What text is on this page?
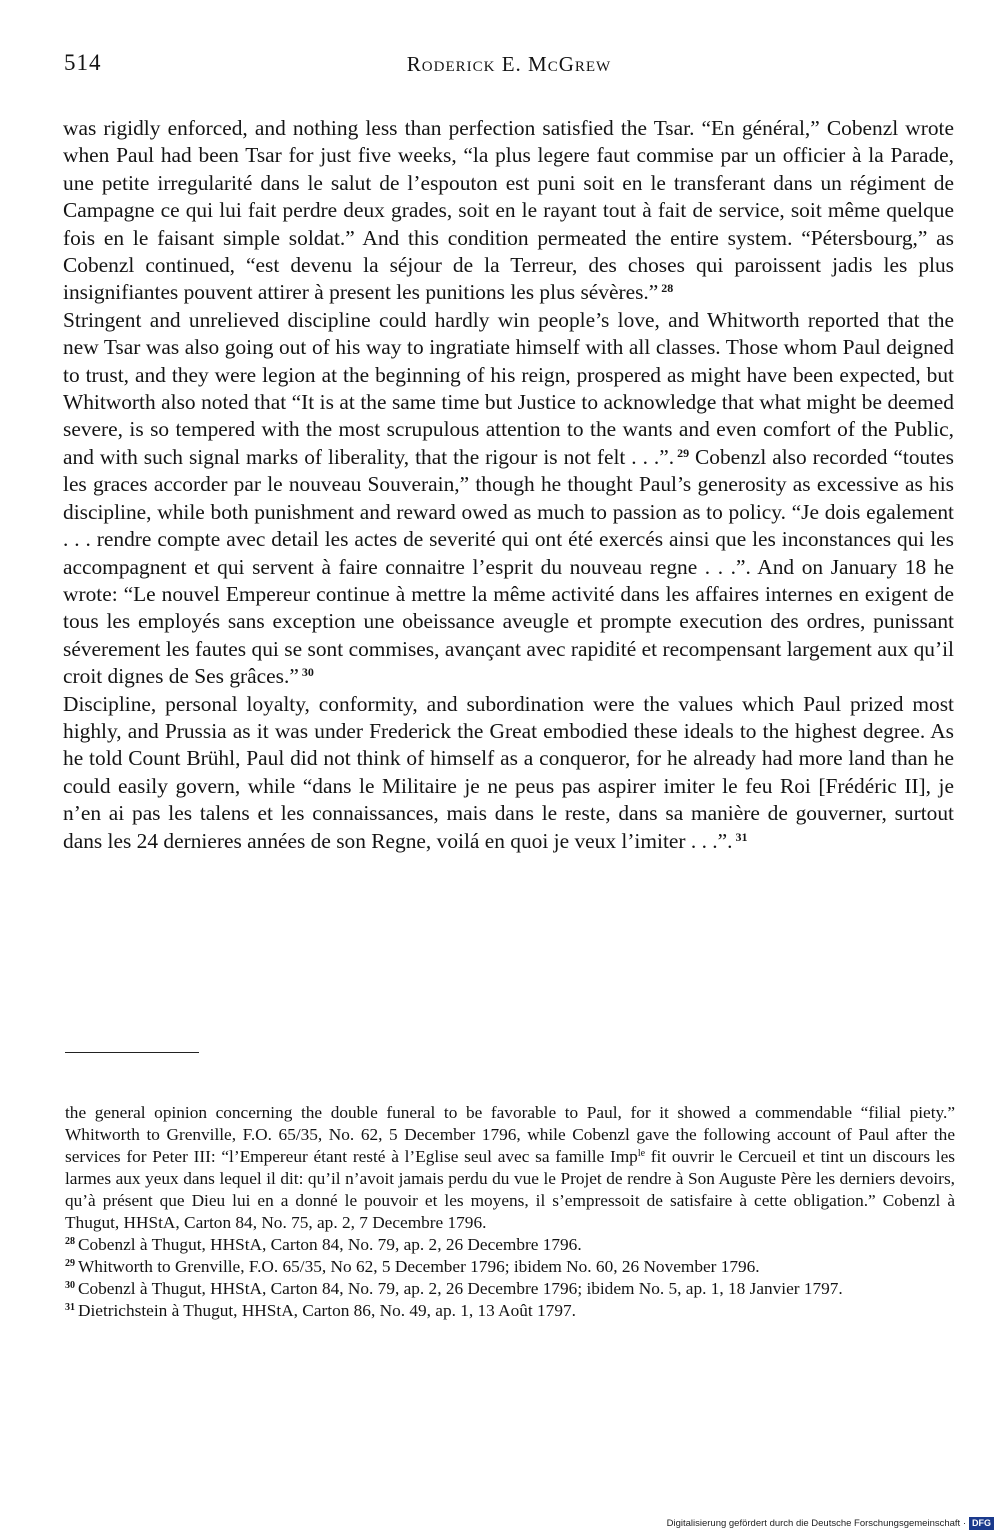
514	Roderick E. McGrew

was rigidly enforced, and nothing less than perfection satisfied the Tsar. “En général,” Cobenzl wrote when Paul had been Tsar for just five weeks, “la plus legere faut commise par un officier à la Parade, une petite irregularité dans le salut de l’espouton est puni soit en le transferant dans un régiment de Campagne ce qui lui fait perdre deux grades, soit en le rayant tout à fait de service, soit même quelque fois en le faisant simple soldat.” And this condition permeated the entire system. “Pétersbourg,” as Cobenzl continued, “est devenu la séjour de la Terreur, des choses qui paroissent jadis les plus insignifiantes pouvent attirer à present les punitions les plus sévères.” $^{28}$

Stringent and unrelieved discipline could hardly win people’s love, and Whitworth reported that the new Tsar was also going out of his way to ingratiate himself with all classes. Those whom Paul deigned to trust, and they were legion at the beginning of his reign, prospered as might have been expected, but Whitworth also noted that “It is at the same time but Justice to acknowledge that what might be deemed severe, is so tempered with the most scrupulous attention to the wants and even comfort of the Public, and with such signal marks of liberality, that the rigour is not felt . . .”. $^{29}$ Cobenzl also recorded “toutes les graces accorder par le nouveau Souverain,” though he thought Paul’s generosity as excessive as his discipline, while both punishment and reward owed as much to passion as to policy. “Je dois egalement . . . rendre compte avec detail les actes de severité qui ont été exercés ainsi que les inconstances qui les accompagnent et qui servent à faire connaitre l’esprit du nouveau regne . . .”. And on January 18 he wrote: “Le nouvel Empereur continue à mettre la même activité dans les affaires internes en exigent de tous les employés sans exception une obeissance aveugle et prompte execution des ordres, punissant séverement les fautes qui se sont commises, avançant avec rapidité et recompensant largement aux qu’il croit dignes de Ses grâces.” $^{30}$

Discipline, personal loyalty, conformity, and subordination were the values which Paul prized most highly, and Prussia as it was under Frederick the Great embodied these ideals to the highest degree. As he told Count Brühl, Paul did not think of himself as a conqueror, for he already had more land than he could easily govern, while “dans le Militaire je ne peus pas aspirer imiter le feu Roi [Frédéric II], je n’en ai pas les talens et les connaissances, mais dans le reste, dans sa manière de gouverner, surtout dans les 24 dernieres années de son Regne, voilá en quoi je veux l’imiter . . .”. $^{31}$

the general opinion concerning the double funeral to be favorable to Paul, for it showed a commendable “filial piety.” Whitworth to Grenville, F.O. 65/35, No. 62, 5 December 1796, while Cobenzl gave the following account of Paul after the services for Peter III: “l’Empereur étant resté à l’Eglise seul avec sa famille Imp$^{le}$ fit ouvrir le Cercueil et tint un discours les larmes aux yeux dans lequel il dit: qu’il n’avoit jamais perdu du vue le Projet de rendre à Son Auguste Père les derniers devoirs, qu’à présent que Dieu lui en a donné le pouvoir et les moyens, il s’empressoit de satisfaire à cette obligation.” Cobenzl à Thugut, HHStA, Carton 84, No. 75, ap. 2, 7 Decembre 1796.

$^{28}$ Cobenzl à Thugut, HHStA, Carton 84, No. 79, ap. 2, 26 Decembre 1796.

$^{29}$ Whitworth to Grenville, F.O. 65/35, No 62, 5 December 1796; ibidem No. 60, 26 November 1796.

$^{30}$ Cobenzl à Thugut, HHStA, Carton 84, No. 79, ap. 2, 26 Decembre 1796; ibidem No. 5, ap. 1, 18 Janvier 1797.

$^{31}$ Dietrichstein à Thugut, HHStA, Carton 86, No. 49, ap. 1, 13 Août 1797.

Digitalisierung gefördert durch die Deutsche Forschungsgemeinschaft · DFG
